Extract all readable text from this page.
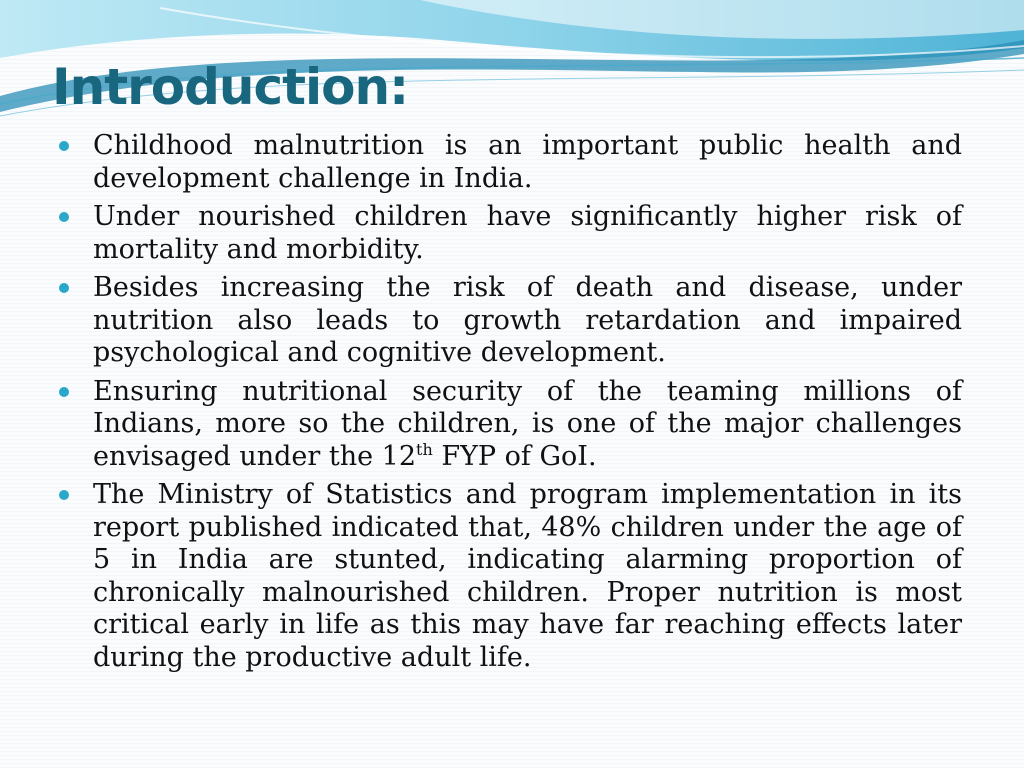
Introduction:
Childhood malnutrition is an important public health and development challenge in India.
Under nourished children have significantly higher risk of mortality and morbidity.
Besides increasing the risk of death and disease, under nutrition also leads to growth retardation and impaired psychological and cognitive development.
Ensuring nutritional security of the teaming millions of Indians, more so the children, is one of the major challenges envisaged under the 12th FYP of GoI.
The Ministry of Statistics and program implementation in its report published indicated that, 48% children under the age of 5 in India are stunted, indicating alarming proportion of chronically malnourished children. Proper nutrition is most critical early in life as this may have far reaching effects later during the productive adult life.
